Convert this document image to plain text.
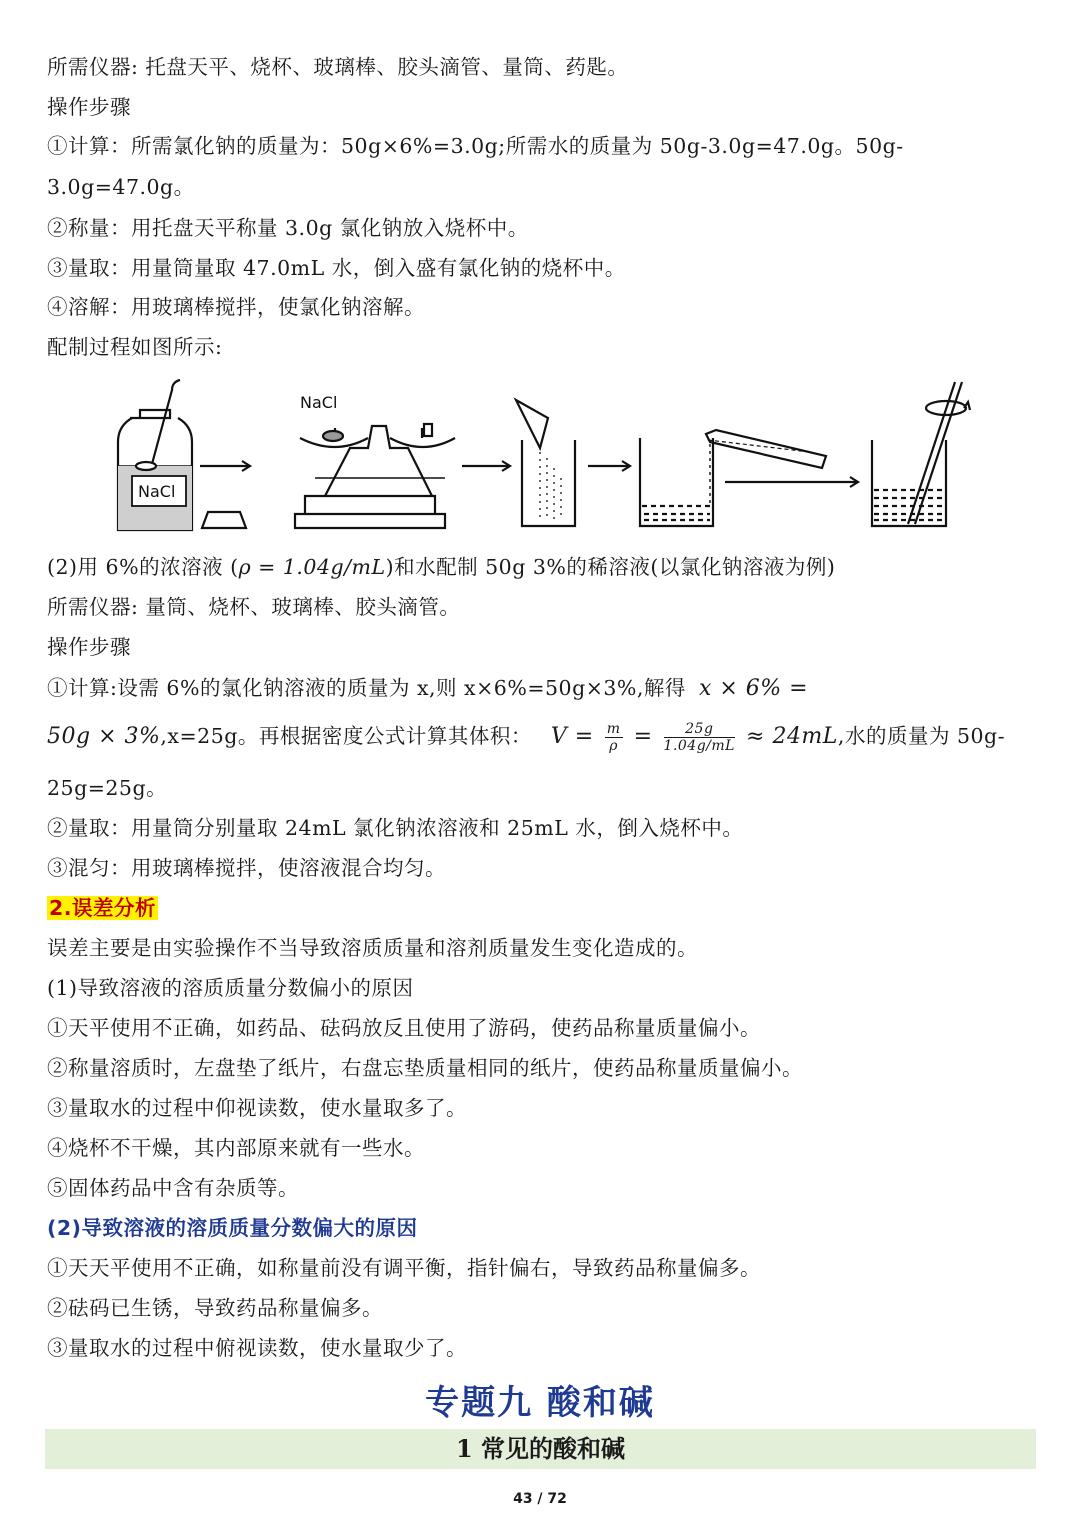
所需仪器: 托盘天平、烧杯、玻璃棒、胶头滴管、量筒、药匙。
操作步骤
①计算：所需氯化钠的质量为：50g×6%=3.0g;所需水的质量为 50g-3.0g=47.0g。50g-
3.0g=47.0g。
②称量：用托盘天平称量 3.0g 氯化钠放入烧杯中。
③量取：用量筒量取 47.0mL 水，倒入盛有氯化钠的烧杯中。
④溶解：用玻璃棒搅拌，使氯化钠溶解。
配制过程如图所示:
NaCl
NaCl
(2)用 6%的浓溶液 (ρ = 1.04g/mL)和水配制 50g 3%的稀溶液(以氯化钠溶液为例)
所需仪器: 量筒、烧杯、玻璃棒、胶头滴管。
操作步骤
①计算:设需 6%的氯化钠溶液的质量为 x,则 x×6%=50g×3%,解得 x × 6% =
50g × 3%,x=25g。再根据密度公式计算其体积： $V = \frac{m}{\rho} = \frac{25g}{1.04g/mL} \approx 24mL$,水的质量为 50g-
25g=25g。
②量取：用量筒分别量取 24mL 氯化钠浓溶液和 25mL 水，倒入烧杯中。
③混匀：用玻璃棒搅拌，使溶液混合均匀。
2.误差分析
误差主要是由实验操作不当导致溶质质量和溶剂质量发生变化造成的。
(1)导致溶液的溶质质量分数偏小的原因
①天平使用不正确，如药品、砝码放反且使用了游码，使药品称量质量偏小。
②称量溶质时，左盘垫了纸片，右盘忘垫质量相同的纸片，使药品称量质量偏小。
③量取水的过程中仰视读数，使水量取多了。
④烧杯不干燥，其内部原来就有一些水。
⑤固体药品中含有杂质等。
(2)导致溶液的溶质质量分数偏大的原因
①天天平使用不正确，如称量前没有调平衡，指针偏右，导致药品称量偏多。
②砝码已生锈，导致药品称量偏多。
③量取水的过程中俯视读数，使水量取少了。
专题九 酸和碱
1 常见的酸和碱
43 / 72
